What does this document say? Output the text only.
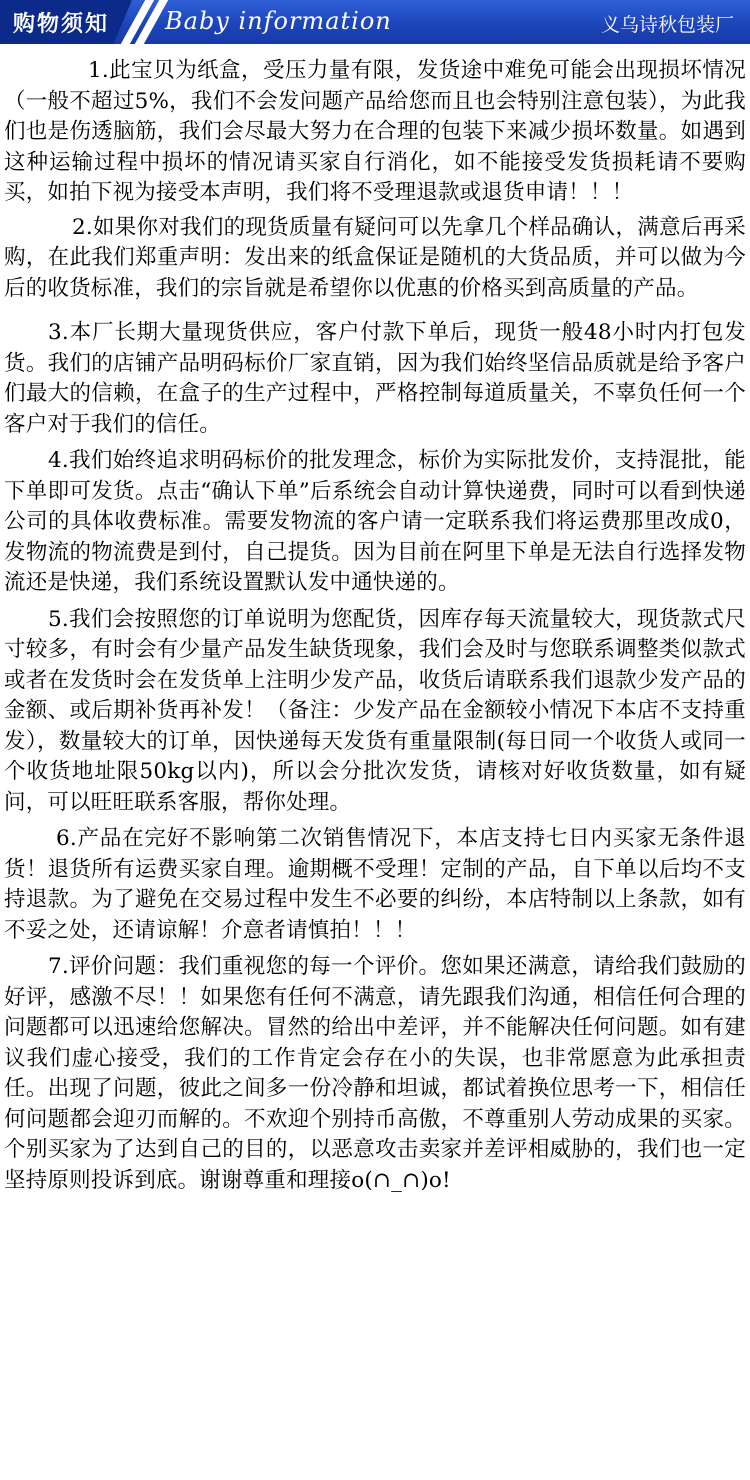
购物须知 Baby information	义乌诗秋包装厂

1.此宝贝为纸盒，受压力量有限，发货途中难免可能会出现损坏情况（一般不超过5%，我们不会发问题产品给您而且也会特别注意包装），为此我们也是伤透脑筋，我们会尽最大努力在合理的包装下来减少损坏数量。如遇到这种运输过程中损坏的情况请买家自行消化，如不能接受发货损耗请不要购买，如拍下视为接受本声明，我们将不受理退款或退货申请！！！

2.如果你对我们的现货质量有疑问可以先拿几个样品确认，满意后再采购，在此我们郑重声明：发出来的纸盒保证是随机的大货品质，并可以做为今后的收货标准，我们的宗旨就是希望你以优惠的价格买到高质量的产品。

3.本厂长期大量现货供应，客户付款下单后，现货一般48小时内打包发货。我们的店铺产品明码标价厂家直销，因为我们始终坚信品质就是给予客户们最大的信赖，在盒子的生产过程中，严格控制每道质量关，不辜负任何一个客户对于我们的信任。

4.我们始终追求明码标价的批发理念，标价为实际批发价，支持混批，能下单即可发货。点击“确认下单”后系统会自动计算快递费，同时可以看到快递公司的具体收费标准。需要发物流的客户请一定联系我们将运费那里改成0，发物流的物流费是到付，自己提货。因为目前在阿里下单是无法自行选择发物流还是快递，我们系统设置默认发中通快递的。

5.我们会按照您的订单说明为您配货，因库存每天流量较大，现货款式尺寸较多，有时会有少量产品发生缺货现象，我们会及时与您联系调整类似款式或者在发货时会在发货单上注明少发产品，收货后请联系我们退款少发产品的金额、或后期补货再补发！（备注：少发产品在金额较小情况下本店不支持重发），数量较大的订单，因快递每天发货有重量限制(每日同一个收货人或同一个收货地址限50kg以内)，所以会分批次发货，请核对好收货数量，如有疑问，可以旺旺联系客服，帮你处理。

6.产品在完好不影响第二次销售情况下，本店支持七日内买家无条件退货！退货所有运费买家自理。逾期概不受理！定制的产品，自下单以后均不支持退款。为了避免在交易过程中发生不必要的纠纷，本店特制以上条款，如有不妥之处，还请谅解！介意者请慎拍！！！

7.评价问题：我们重视您的每一个评价。您如果还满意，请给我们鼓励的好评，感激不尽！！如果您有任何不满意，请先跟我们沟通，相信任何合理的问题都可以迅速给您解决。冒然的给出中差评，并不能解决任何问题。如有建议我们虚心接受，我们的工作肯定会存在小的失误，也非常愿意为此承担责任。出现了问题，彼此之间多一份冷静和坦诚，都试着换位思考一下，相信任何问题都会迎刃而解的。不欢迎个别持币高傲，不尊重别人劳动成果的买家。个别买家为了达到自己的目的，以恶意攻击卖家并差评相威胁的，我们也一定坚持原则投诉到底。谢谢尊重和理接o(∩_∩)o!
